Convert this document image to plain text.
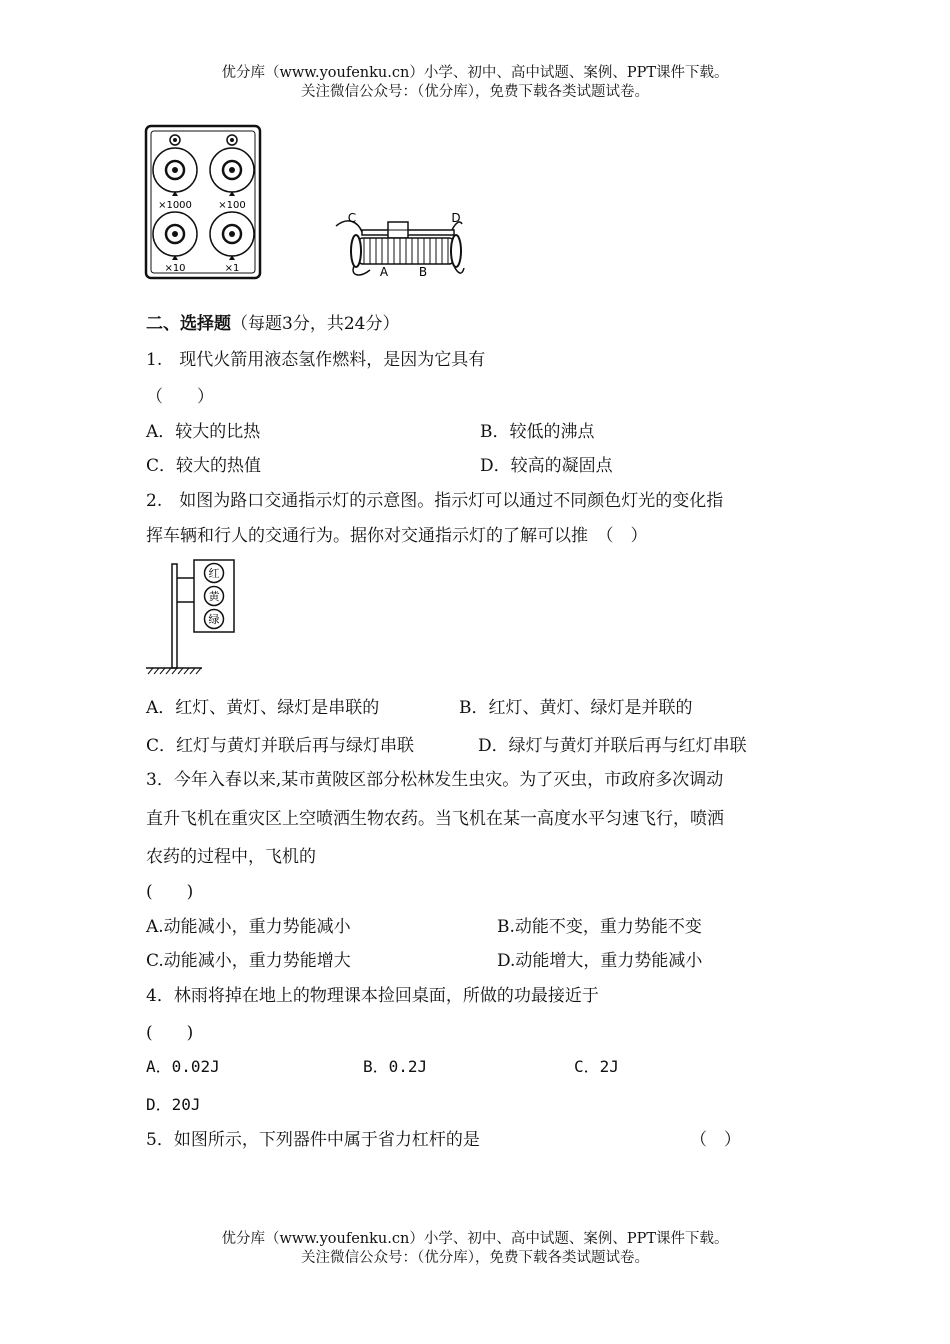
优分库（www.youfenku.cn）小学、初中、高中试题、案例、PPT课件下载。
关注微信公众号：（优分库），免费下载各类试题试卷。
×1000	×100
×10	×1
C	D
A	B
二、选择题（每题3分，共24分）
1.　现代火箭用液态氢作燃料，是因为它具有
（　　）
A．较大的比热	B．较低的沸点
C．较大的热值	D．较高的凝固点
2.　如图为路口交通指示灯的示意图。指示灯可以通过不同颜色灯光的变化指
挥车辆和行人的交通行为。据你对交通指示灯的了解可以推　（　）
红
黄
绿
A．红灯、黄灯、绿灯是串联的	B．红灯、黄灯、绿灯是并联的
C．红灯与黄灯并联后再与绿灯串联	D．绿灯与黄灯并联后再与红灯串联
3．今年入春以来,某市黄陂区部分松林发生虫灾。为了灭虫，市政府多次调动
直升飞机在重灾区上空喷洒生物农药。当飞机在某一高度水平匀速飞行，喷洒
农药的过程中，飞机的
(　　)
A.动能减小，重力势能减小	B.动能不变，重力势能不变
C.动能减小，重力势能增大	D.动能增大，重力势能减小
4．林雨将掉在地上的物理课本捡回桌面，所做的功最接近于
(　　)
A．0.02J	B．0.2J	C．2J
D．20J
5．如图所示，下列器件中属于省力杠杆的是	（　）
优分库（www.youfenku.cn）小学、初中、高中试题、案例、PPT课件下载。
关注微信公众号：（优分库），免费下载各类试题试卷。
